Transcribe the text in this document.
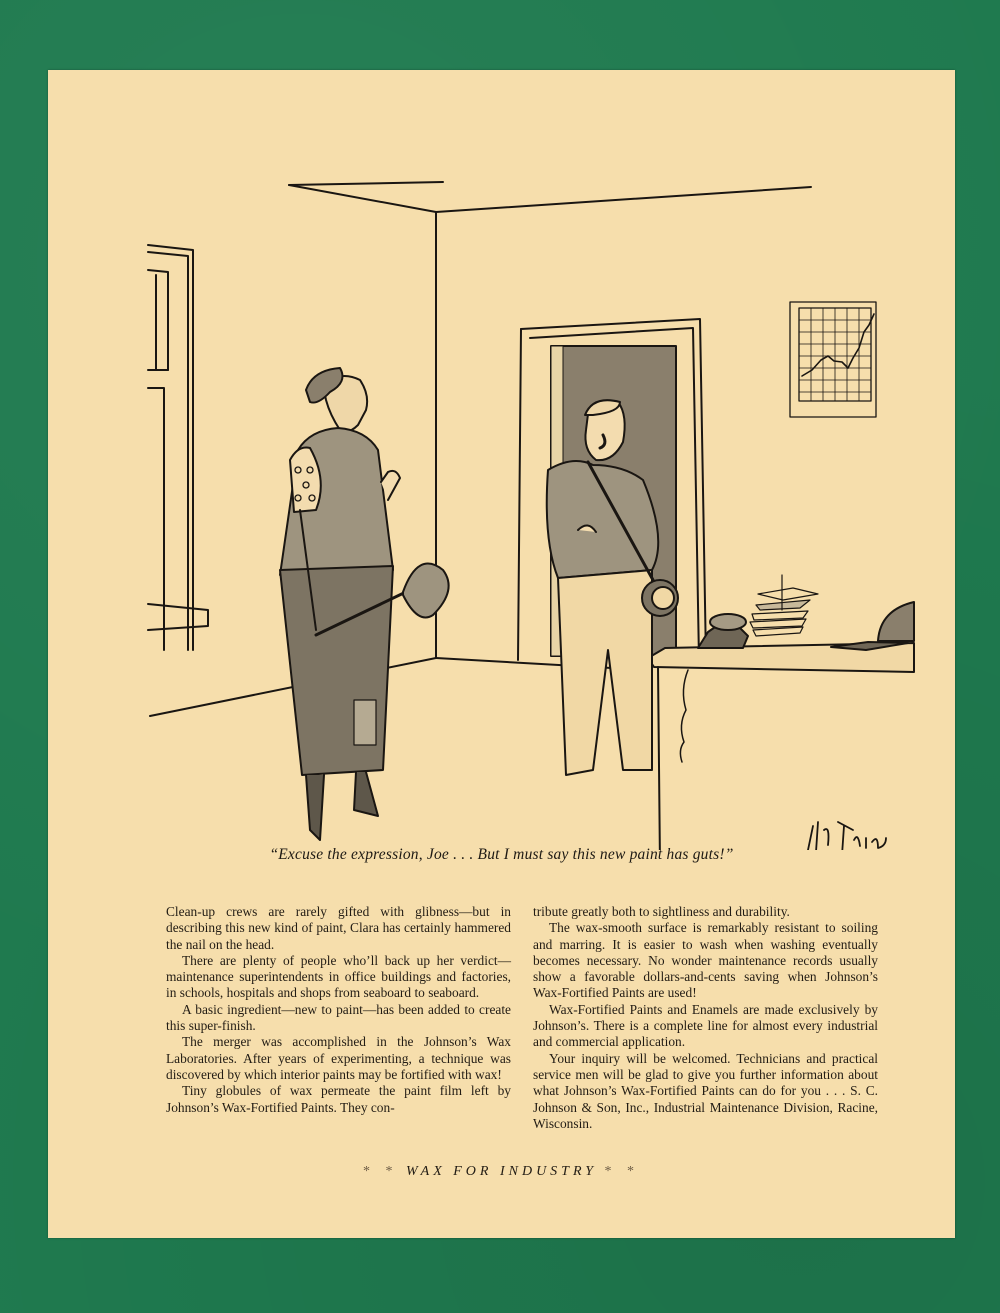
“Excuse the expression, Joe . . . But I must say this new paint has guts!”

Clean-up crews are rarely gifted with glibness—but in describing this new kind of paint, Clara has certainly hammered the nail on the head.

There are plenty of people who’ll back up her verdict—maintenance superintendents in office buildings and factories, in schools, hospitals and shops from seaboard to seaboard.

A basic ingredient—new to paint—has been added to create this super-finish.

The merger was accomplished in the Johnson’s Wax Laboratories. After years of experimenting, a technique was discovered by which interior paints may be fortified with wax!

Tiny globules of wax permeate the paint film left by Johnson’s Wax-Fortified Paints. They con-

tribute greatly both to sightliness and durability.

The wax-smooth surface is remarkably resistant to soiling and marring. It is easier to wash when washing eventually becomes necessary. No wonder maintenance records usually show a favorable dollars-and-cents saving when Johnson’s Wax-Fortified Paints are used!

Wax-Fortified Paints and Enamels are made exclusively by Johnson’s. There is a complete line for almost every industrial and commercial application.

Your inquiry will be welcomed. Technicians and practical service men will be glad to give you further information about what Johnson’s Wax-Fortified Paints can do for you . . . S. C. Johnson & Son, Inc., Industrial Maintenance Division, Racine, Wisconsin.

* * WAX FOR INDUSTRY * *
